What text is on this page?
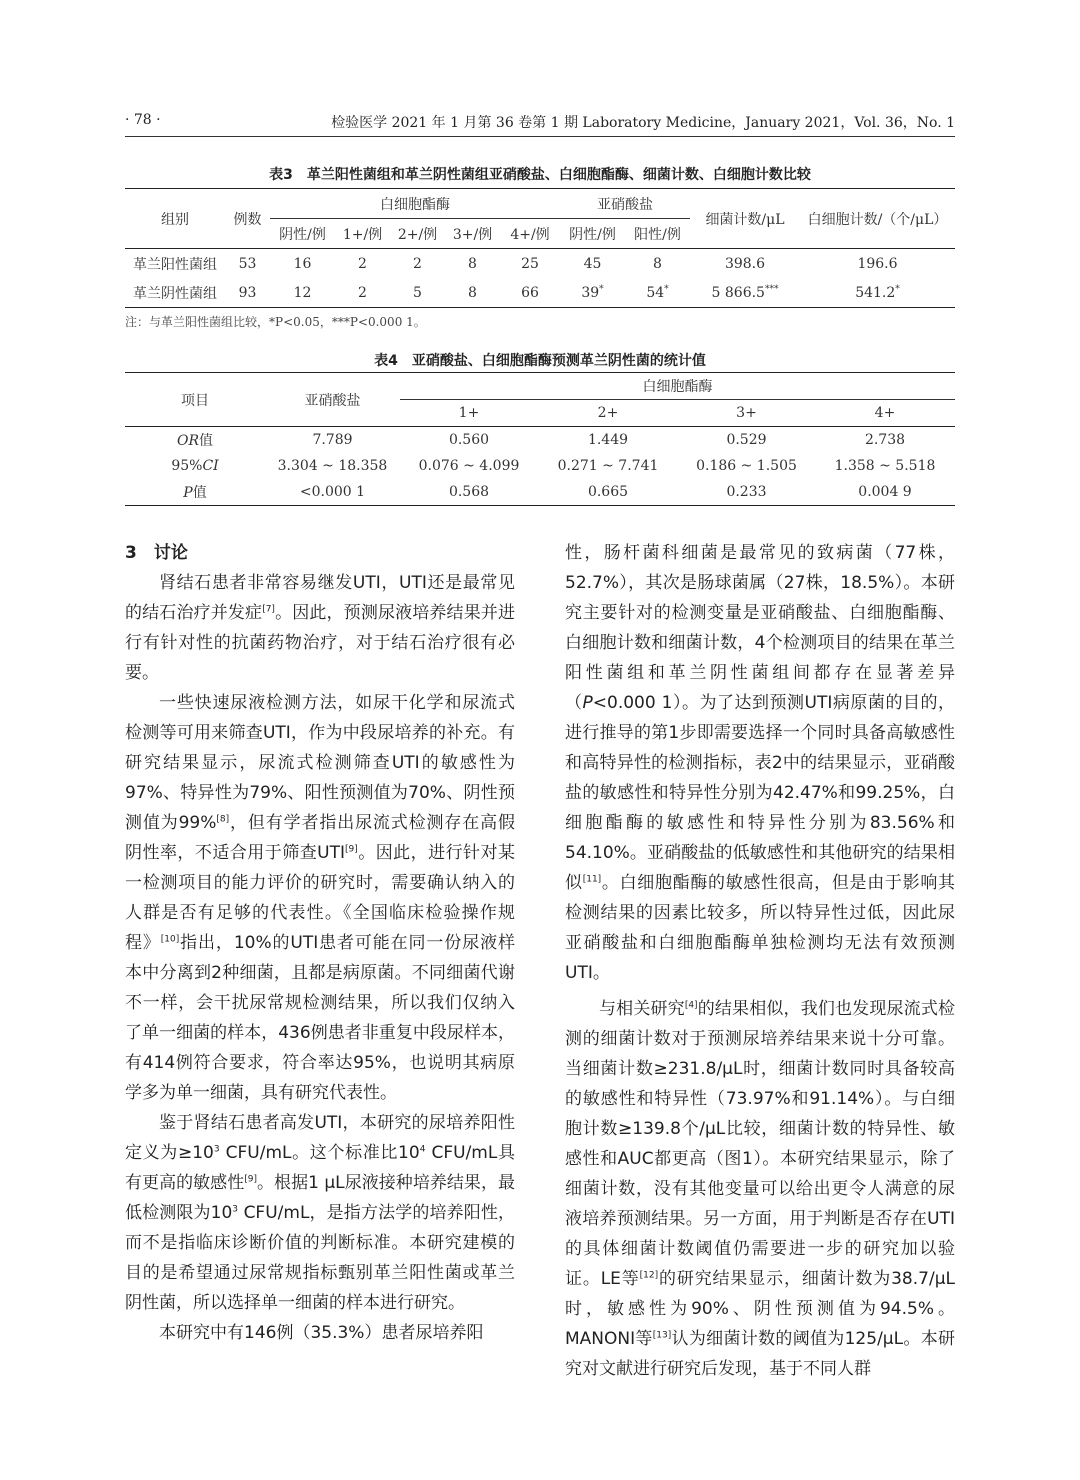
· 78 ·	检验医学 2021 年 1 月第 36 卷第 1 期 Laboratory Medicine，January 2021，Vol. 36，No. 1
表3　革兰阳性菌组和革兰阴性菌组亚硝酸盐、白细胞酯酶、细菌计数、白细胞计数比较
组别	例数	白细胞酯酶					亚硝酸盐		细菌计数/μL	白细胞计数/（个/μL）
		阴性/例	1+/例	2+/例	3+/例	4+/例	阴性/例	阳性/例		
革兰阳性菌组	53	16	2	2	8	25	45	8	398.6	196.6
革兰阴性菌组	93	12	2	5	8	66	39*	54*	5 866.5***	541.2*
注：与革兰阳性菌组比较，*P<0.05，***P<0.000 1。
表4　亚硝酸盐、白细胞酯酶预测革兰阴性菌的统计值
项目	亚硝酸盐	白细胞酯酶			
		1+	2+	3+	4+
OR值	7.789	0.560	1.449	0.529	2.738
95%CI	3.304 ~ 18.358	0.076 ~ 4.099	0.271 ~ 7.741	0.186 ~ 1.505	1.358 ~ 5.518
P值	<0.000 1	0.568	0.665	0.233	0.004 9
3　讨论

肾结石患者非常容易继发UTI，UTI还是最常见的结石治疗并发症[7]。因此，预测尿液培养结果并进行有针对性的抗菌药物治疗，对于结石治疗很有必要。

一些快速尿液检测方法，如尿干化学和尿流式检测等可用来筛查UTI，作为中段尿培养的补充。有研究结果显示，尿流式检测筛查UTI的敏感性为97%、特异性为79%、阳性预测值为70%、阴性预测值为99%[8]，但有学者指出尿流式检测存在高假阴性率，不适合用于筛查UTI[9]。因此，进行针对某一检测项目的能力评价的研究时，需要确认纳入的人群是否有足够的代表性。《全国临床检验操作规程》[10]指出，10%的UTI患者可能在同一份尿液样本中分离到2种细菌，且都是病原菌。不同细菌代谢不一样，会干扰尿常规检测结果，所以我们仅纳入了单一细菌的样本，436例患者非重复中段尿样本，有414例符合要求，符合率达95%，也说明其病原学多为单一细菌，具有研究代表性。

鉴于肾结石患者高发UTI，本研究的尿培养阳性定义为$\ge 10^3$ CFU/mL。这个标准比$10^4$ CFU/mL具有更高的敏感性[9]。根据1 μL尿液接种培养结果，最低检测限为$10^3$ CFU/mL，是指方法学的培养阳性，而不是指临床诊断价值的判断标准。本研究建模的目的是希望通过尿常规指标甄别革兰阳性菌或革兰阴性菌，所以选择单一细菌的样本进行研究。

本研究中有146例（35.3%）患者尿培养阳

性，肠杆菌科细菌是最常见的致病菌（77株，52.7%），其次是肠球菌属（27株，18.5%）。本研究主要针对的检测变量是亚硝酸盐、白细胞酯酶、白细胞计数和细菌计数，4个检测项目的结果在革兰阳性菌组和革兰阴性菌组间都存在显著差异（P<0.000 1）。为了达到预测UTI病原菌的目的，进行推导的第1步即需要选择一个同时具备高敏感性和高特异性的检测指标，表2中的结果显示，亚硝酸盐的敏感性和特异性分别为42.47%和99.25%，白细胞酯酶的敏感性和特异性分别为83.56%和54.10%。亚硝酸盐的低敏感性和其他研究的结果相似[11]。白细胞酯酶的敏感性很高，但是由于影响其检测结果的因素比较多，所以特异性过低，因此尿亚硝酸盐和白细胞酯酶单独检测均无法有效预测UTI。

与相关研究[4]的结果相似，我们也发现尿流式检测的细菌计数对于预测尿培养结果来说十分可靠。当细菌计数≥231.8/μL时，细菌计数同时具备较高的敏感性和特异性（73.97%和91.14%）。与白细胞计数≥139.8个/μL比较，细菌计数的特异性、敏感性和AUC都更高（图1）。本研究结果显示，除了细菌计数，没有其他变量可以给出更令人满意的尿液培养预测结果。另一方面，用于判断是否存在UTI的具体细菌计数阈值仍需要进一步的研究加以验证。LE等[12]的研究结果显示，细菌计数为38.7/μL时，敏感性为90%、阴性预测值为94.5%。MANONI等[13]认为细菌计数的阈值为125/μL。本研究对文献进行研究后发现，基于不同人群
